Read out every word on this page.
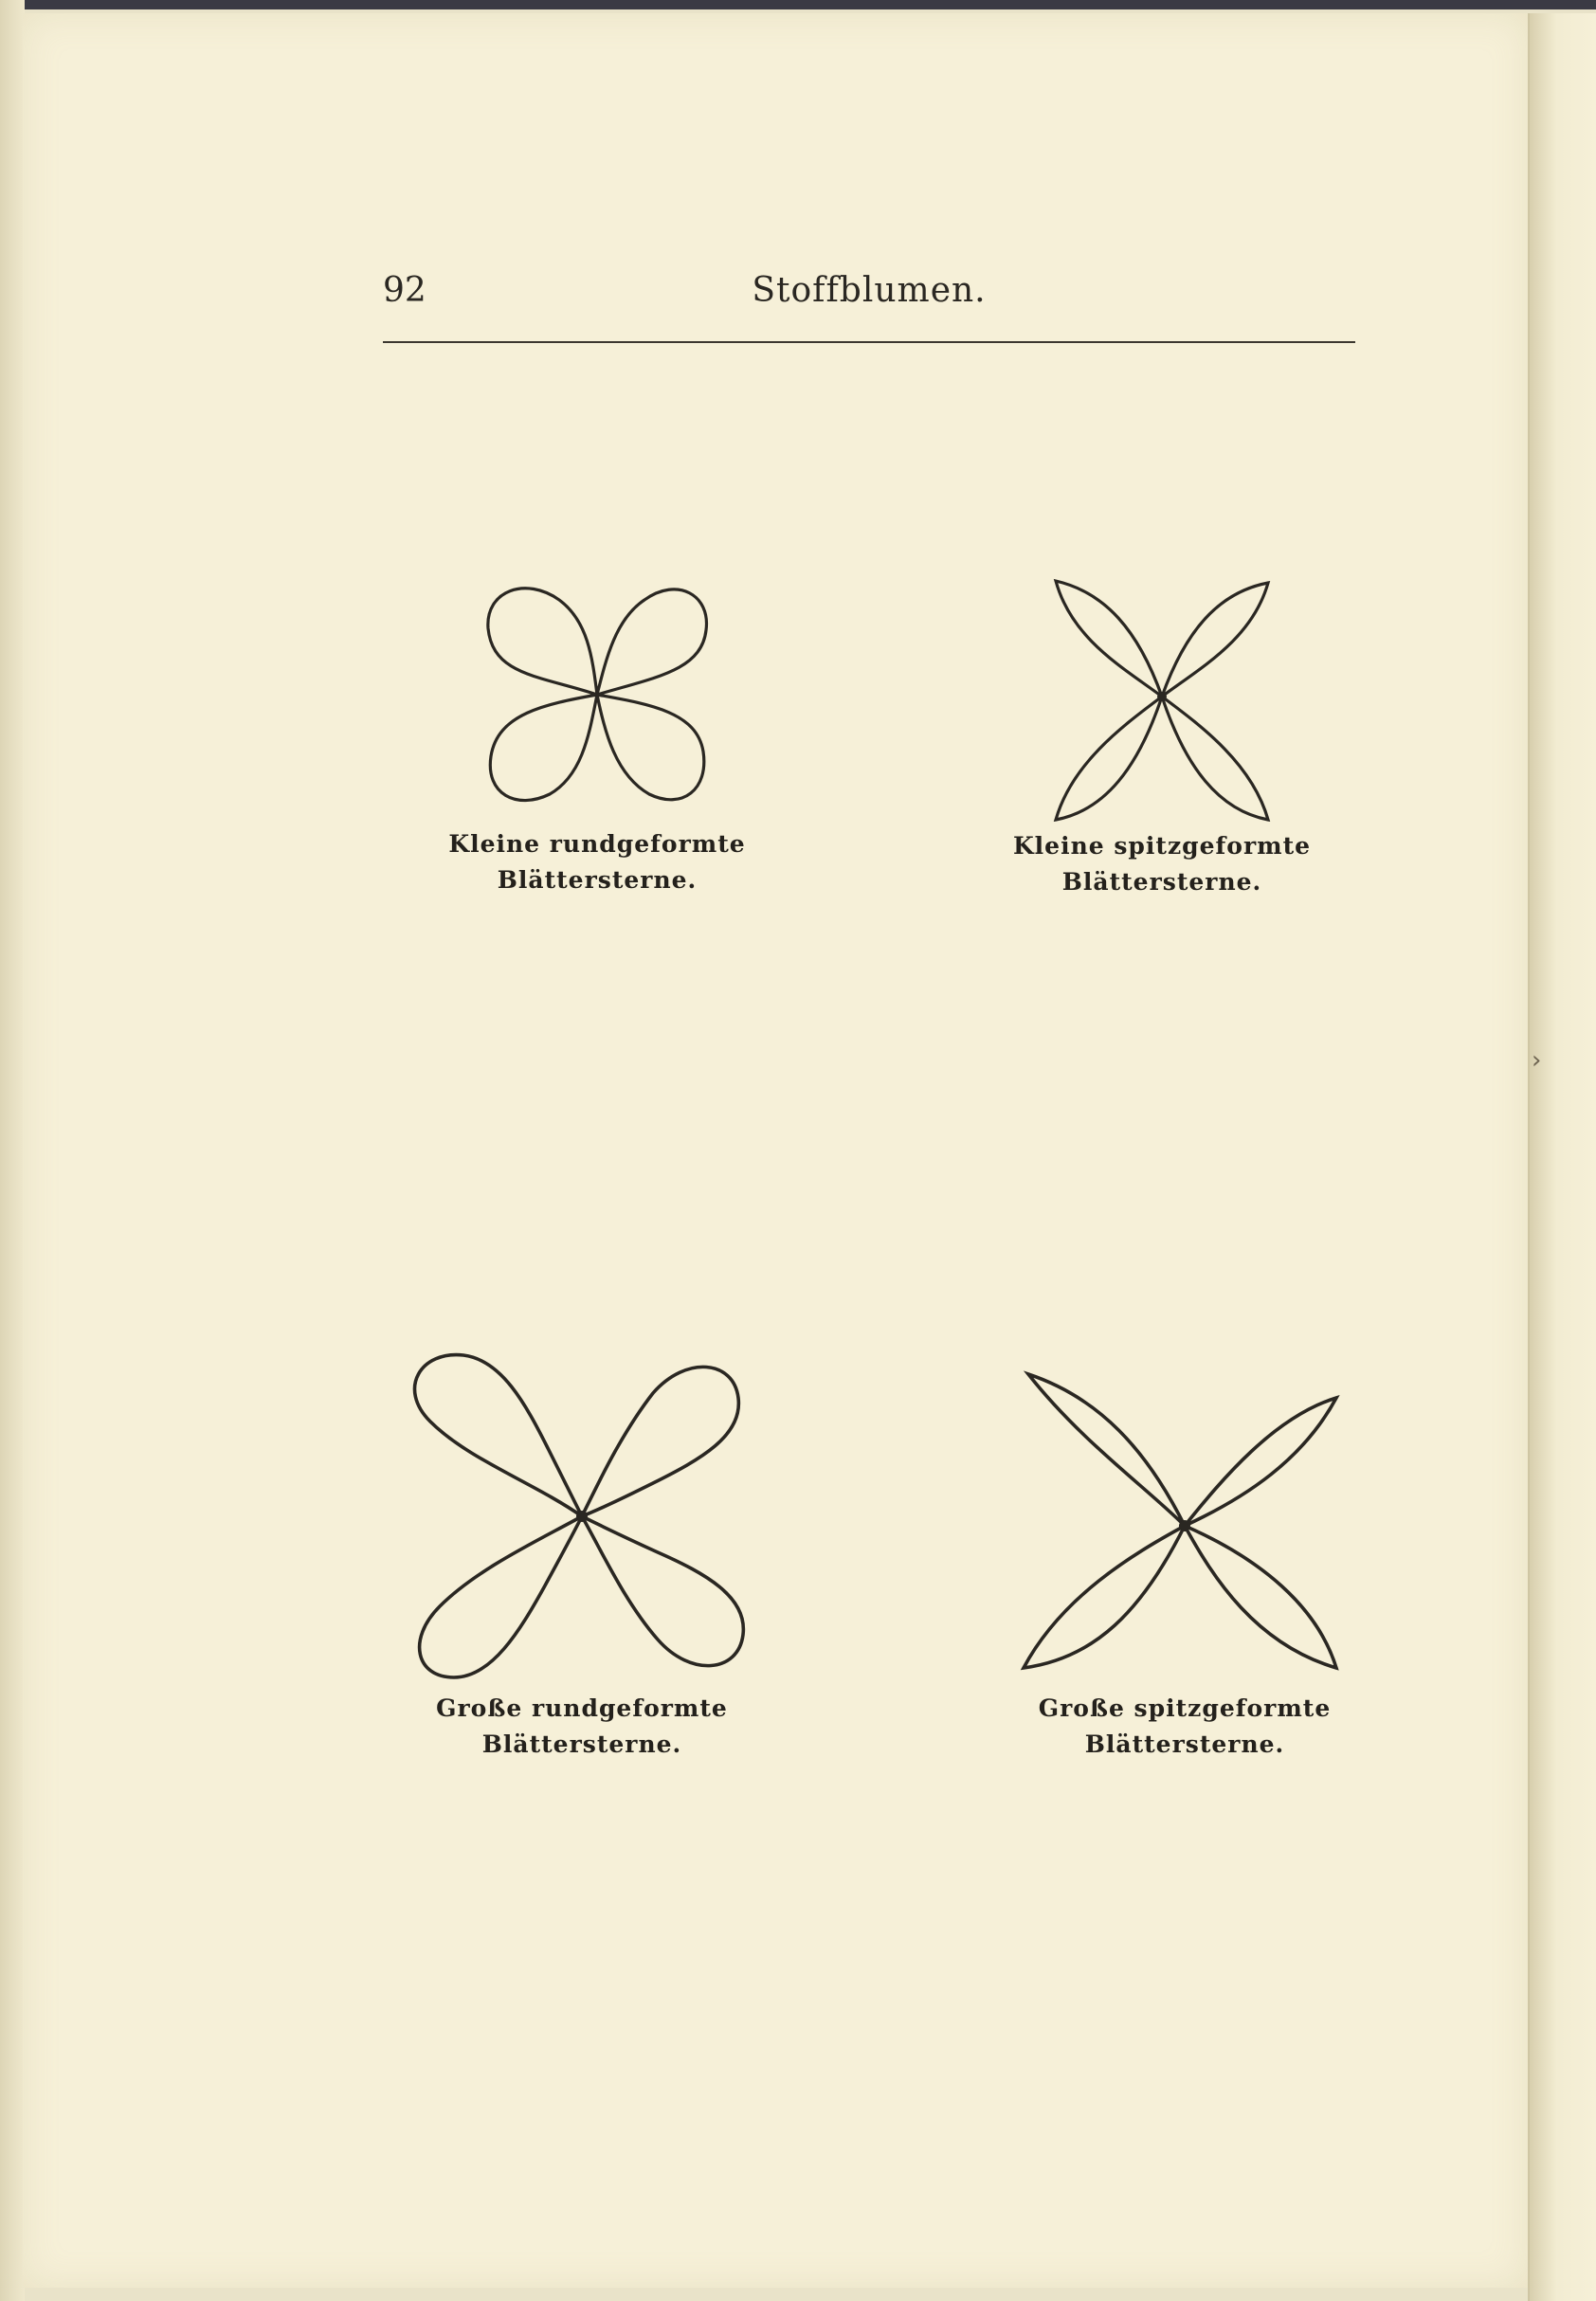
›
92	Stoffblumen.
Kleine rundgeformte
Blättersterne.
Kleine spitzgeformte
Blättersterne.
Große rundgeformte
Blättersterne.
Große spitzgeformte
Blättersterne.
